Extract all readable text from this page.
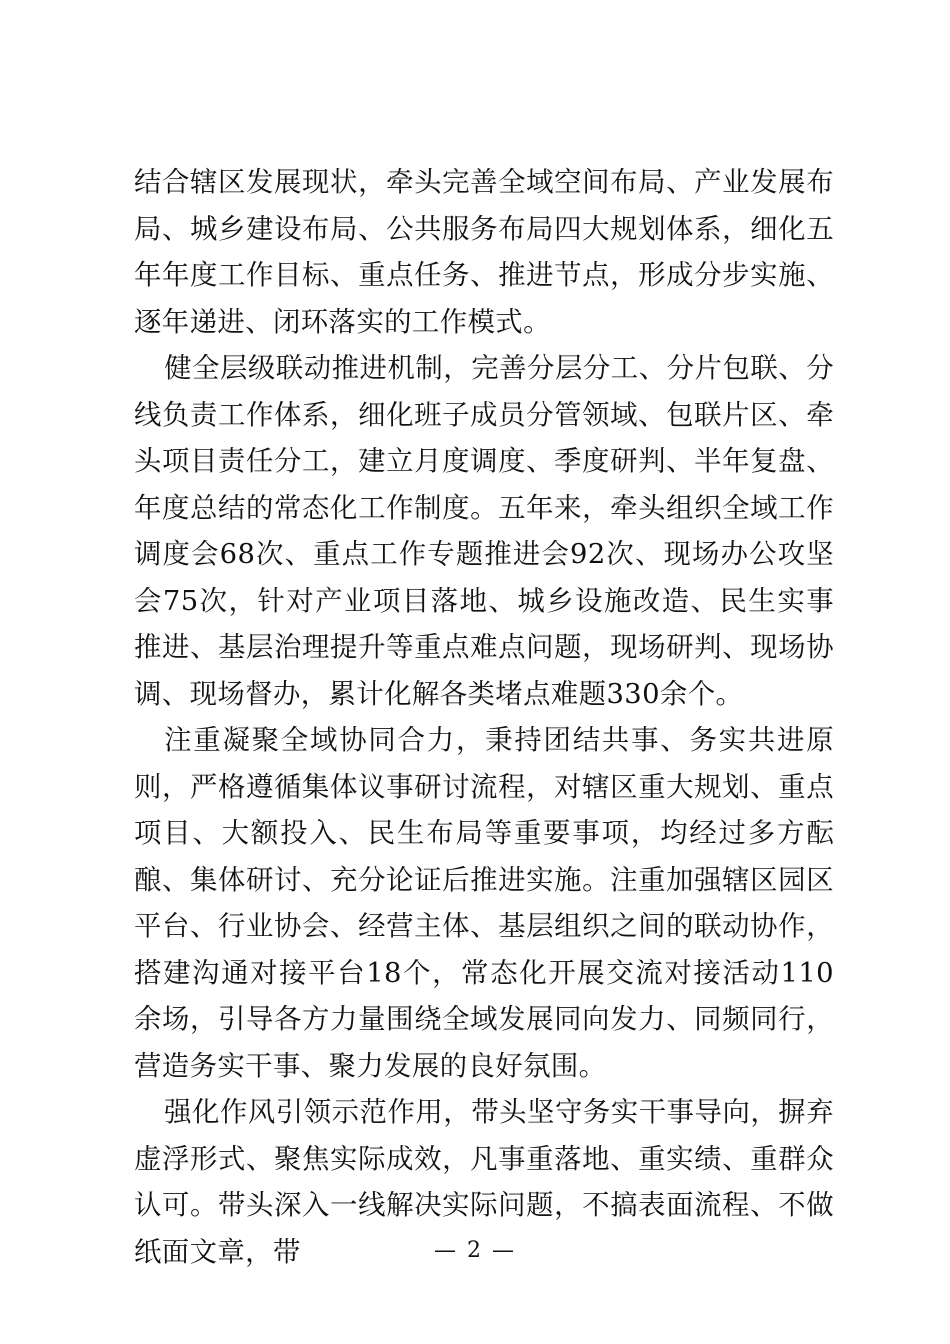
结合辖区发展现状，牵头完善全域空间布局、产业发展布局、城乡建设布局、公共服务布局四大规划体系，细化五年年度工作目标、重点任务、推进节点，形成分步实施、逐年递进、闭环落实的工作模式。

健全层级联动推进机制，完善分层分工、分片包联、分线负责工作体系，细化班子成员分管领域、包联片区、牵头项目责任分工，建立月度调度、季度研判、半年复盘、年度总结的常态化工作制度。五年来，牵头组织全域工作调度会68次、重点工作专题推进会92次、现场办公攻坚会75次，针对产业项目落地、城乡设施改造、民生实事推进、基层治理提升等重点难点问题，现场研判、现场协调、现场督办，累计化解各类堵点难题330余个。

注重凝聚全域协同合力，秉持团结共事、务实共进原则，严格遵循集体议事研讨流程，对辖区重大规划、重点项目、大额投入、民生布局等重要事项，均经过多方酝酿、集体研讨、充分论证后推进实施。注重加强辖区园区平台、行业协会、经营主体、基层组织之间的联动协作，搭建沟通对接平台18个，常态化开展交流对接活动110余场，引导各方力量围绕全域发展同向发力、同频同行，营造务实干事、聚力发展的良好氛围。

强化作风引领示范作用，带头坚守务实干事导向，摒弃虚浮形式、聚焦实际成效，凡事重落地、重实绩、重群众认可。带头深入一线解决实际问题，不搞表面流程、不做纸面文章，带	— 2 —
